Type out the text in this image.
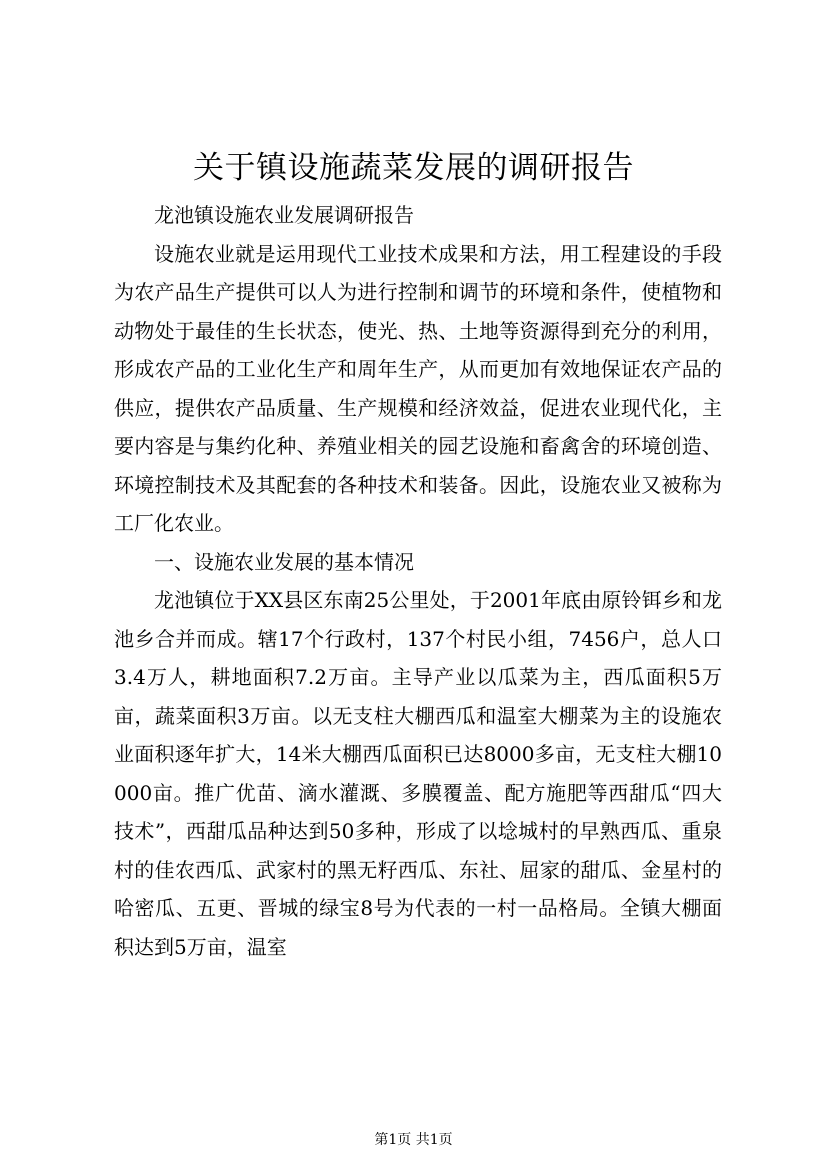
关于镇设施蔬菜发展的调研报告

龙池镇设施农业发展调研报告

设施农业就是运用现代工业技术成果和方法，用工程建设的手段为农产品生产提供可以人为进行控制和调节的环境和条件，使植物和动物处于最佳的生长状态，使光、热、土地等资源得到充分的利用，形成农产品的工业化生产和周年生产，从而更加有效地保证农产品的供应，提供农产品质量、生产规模和经济效益，促进农业现代化，主要内容是与集约化种、养殖业相关的园艺设施和畜禽舍的环境创造、环境控制技术及其配套的各种技术和装备。因此，设施农业又被称为工厂化农业。

一、设施农业发展的基本情况

龙池镇位于XX县区东南25公里处，于2001年底由原铃铒乡和龙池乡合并而成。辖17个行政村，137个村民小组，7456户，总人口3.4万人，耕地面积7.2万亩。主导产业以瓜菜为主，西瓜面积5万亩，蔬菜面积3万亩。以无支柱大棚西瓜和温室大棚菜为主的设施农业面积逐年扩大，14米大棚西瓜面积已达8000多亩，无支柱大棚10000亩。推广优苗、滴水灌溉、多膜覆盖、配方施肥等西甜瓜“四大技术”，西甜瓜品种达到50多种，形成了以埝城村的早熟西瓜、重泉村的佳农西瓜、武家村的黑无籽西瓜、东社、屈家的甜瓜、金星村的哈密瓜、五更、晋城的绿宝8号为代表的一村一品格局。全镇大棚面积达到5万亩，温室

第1页 共1页
